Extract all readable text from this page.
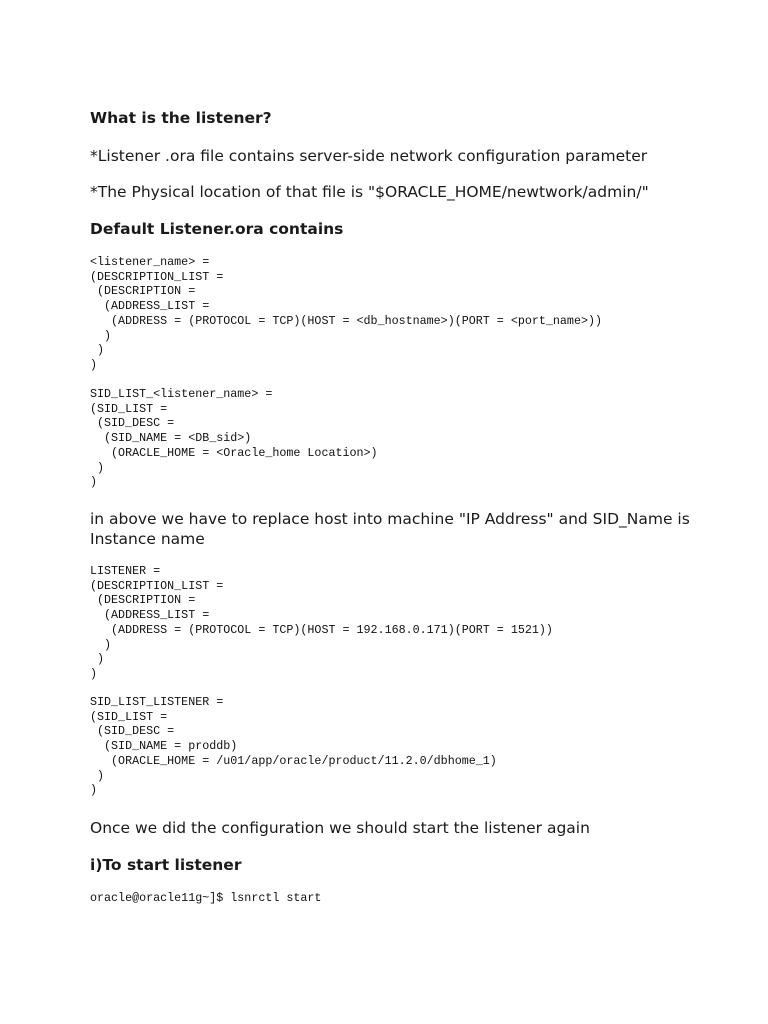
What is the listener?

*Listener .ora file contains server-side network configuration parameter

*The Physical location of that file is "$ORACLE_HOME/newtwork/admin/"

Default Listener.ora contains
<listener_name> =
(DESCRIPTION_LIST =
(DESCRIPTION =
(ADDRESS_LIST =
(ADDRESS = (PROTOCOL = TCP)(HOST = <db_hostname>)(PORT = <port_name>))
)
)
)
SID_LIST_<listener_name> =
(SID_LIST =
(SID_DESC =
(SID_NAME = <DB_sid>)
(ORACLE_HOME = <Oracle_home Location>)
)
)

in above we have to replace host into machine "IP Address" and SID_Name is Instance name

LISTENER =
(DESCRIPTION_LIST =
(DESCRIPTION =
(ADDRESS_LIST =
(ADDRESS = (PROTOCOL = TCP)(HOST = 192.168.0.171)(PORT = 1521))
)
)
)
SID_LIST_LISTENER =
(SID_LIST =
(SID_DESC =
(SID_NAME = proddb)
(ORACLE_HOME = /u01/app/oracle/product/11.2.0/dbhome_1)
)
)

Once we did the configuration we should start the listener again

i)To start listener
oracle@oracle11g~]$ lsnrctl start
